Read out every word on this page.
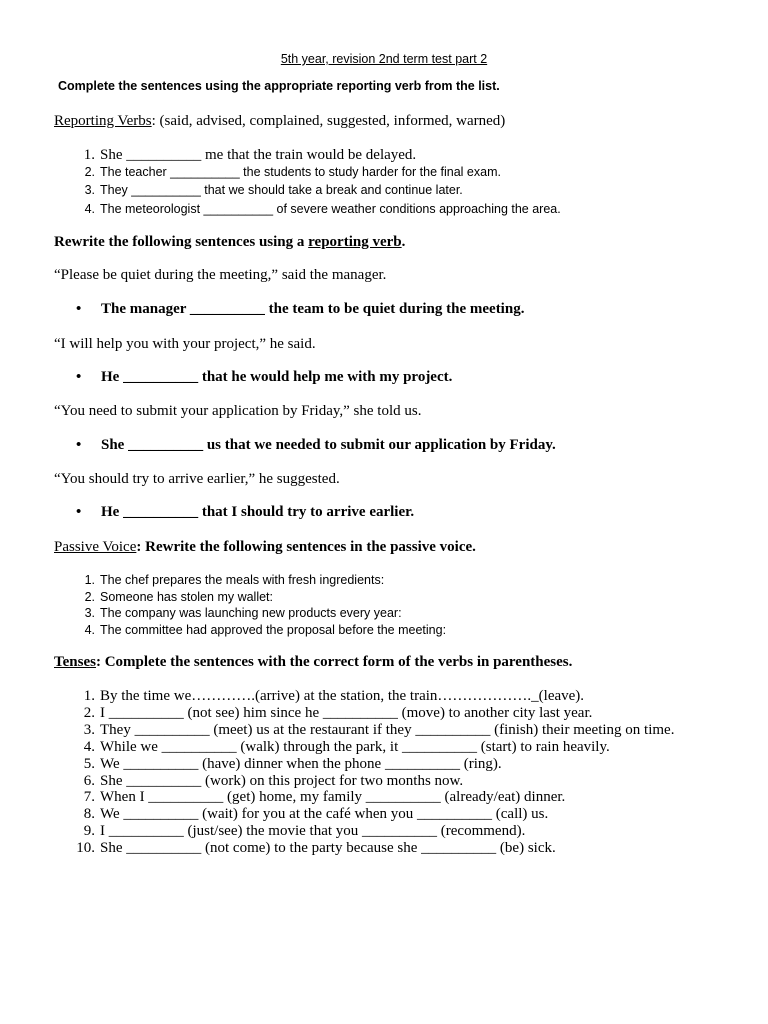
5th year, revision 2nd term test part 2
Complete the sentences using the appropriate reporting verb from the list.
Reporting Verbs: (said, advised, complained, suggested, informed, warned)
1. She __________ me that the train would be delayed.
2. The teacher __________ the students to study harder for the final exam.
3. They __________ that we should take a break and continue later.
4. The meteorologist __________ of severe weather conditions approaching the area.
Rewrite the following sentences using a reporting verb.
“Please be quiet during the meeting,” said the manager.
• The manager __________ the team to be quiet during the meeting.
“I will help you with your project,” he said.
• He __________ that he would help me with my project.
“You need to submit your application by Friday,” she told us.
• She __________ us that we needed to submit our application by Friday.
“You should try to arrive earlier,” he suggested.
• He __________ that I should try to arrive earlier.
Passive Voice: Rewrite the following sentences in the passive voice.
1. The chef prepares the meals with fresh ingredients:
2. Someone has stolen my wallet:
3. The company was launching new products every year:
4. The committee had approved the proposal before the meeting:
Tenses: Complete the sentences with the correct form of the verbs in parentheses.
1. By the time we………….(arrive) at the station, the train………………._(leave).
2. I __________ (not see) him since he __________ (move) to another city last year.
3. They __________ (meet) us at the restaurant if they __________ (finish) their meeting on time.
4. While we __________ (walk) through the park, it __________ (start) to rain heavily.
5. We __________ (have) dinner when the phone __________ (ring).
6. She __________ (work) on this project for two months now.
7. When I __________ (get) home, my family __________ (already/eat) dinner.
8. We __________ (wait) for you at the café when you __________ (call) us.
9. I __________ (just/see) the movie that you __________ (recommend).
10. She __________ (not come) to the party because she __________ (be) sick.
